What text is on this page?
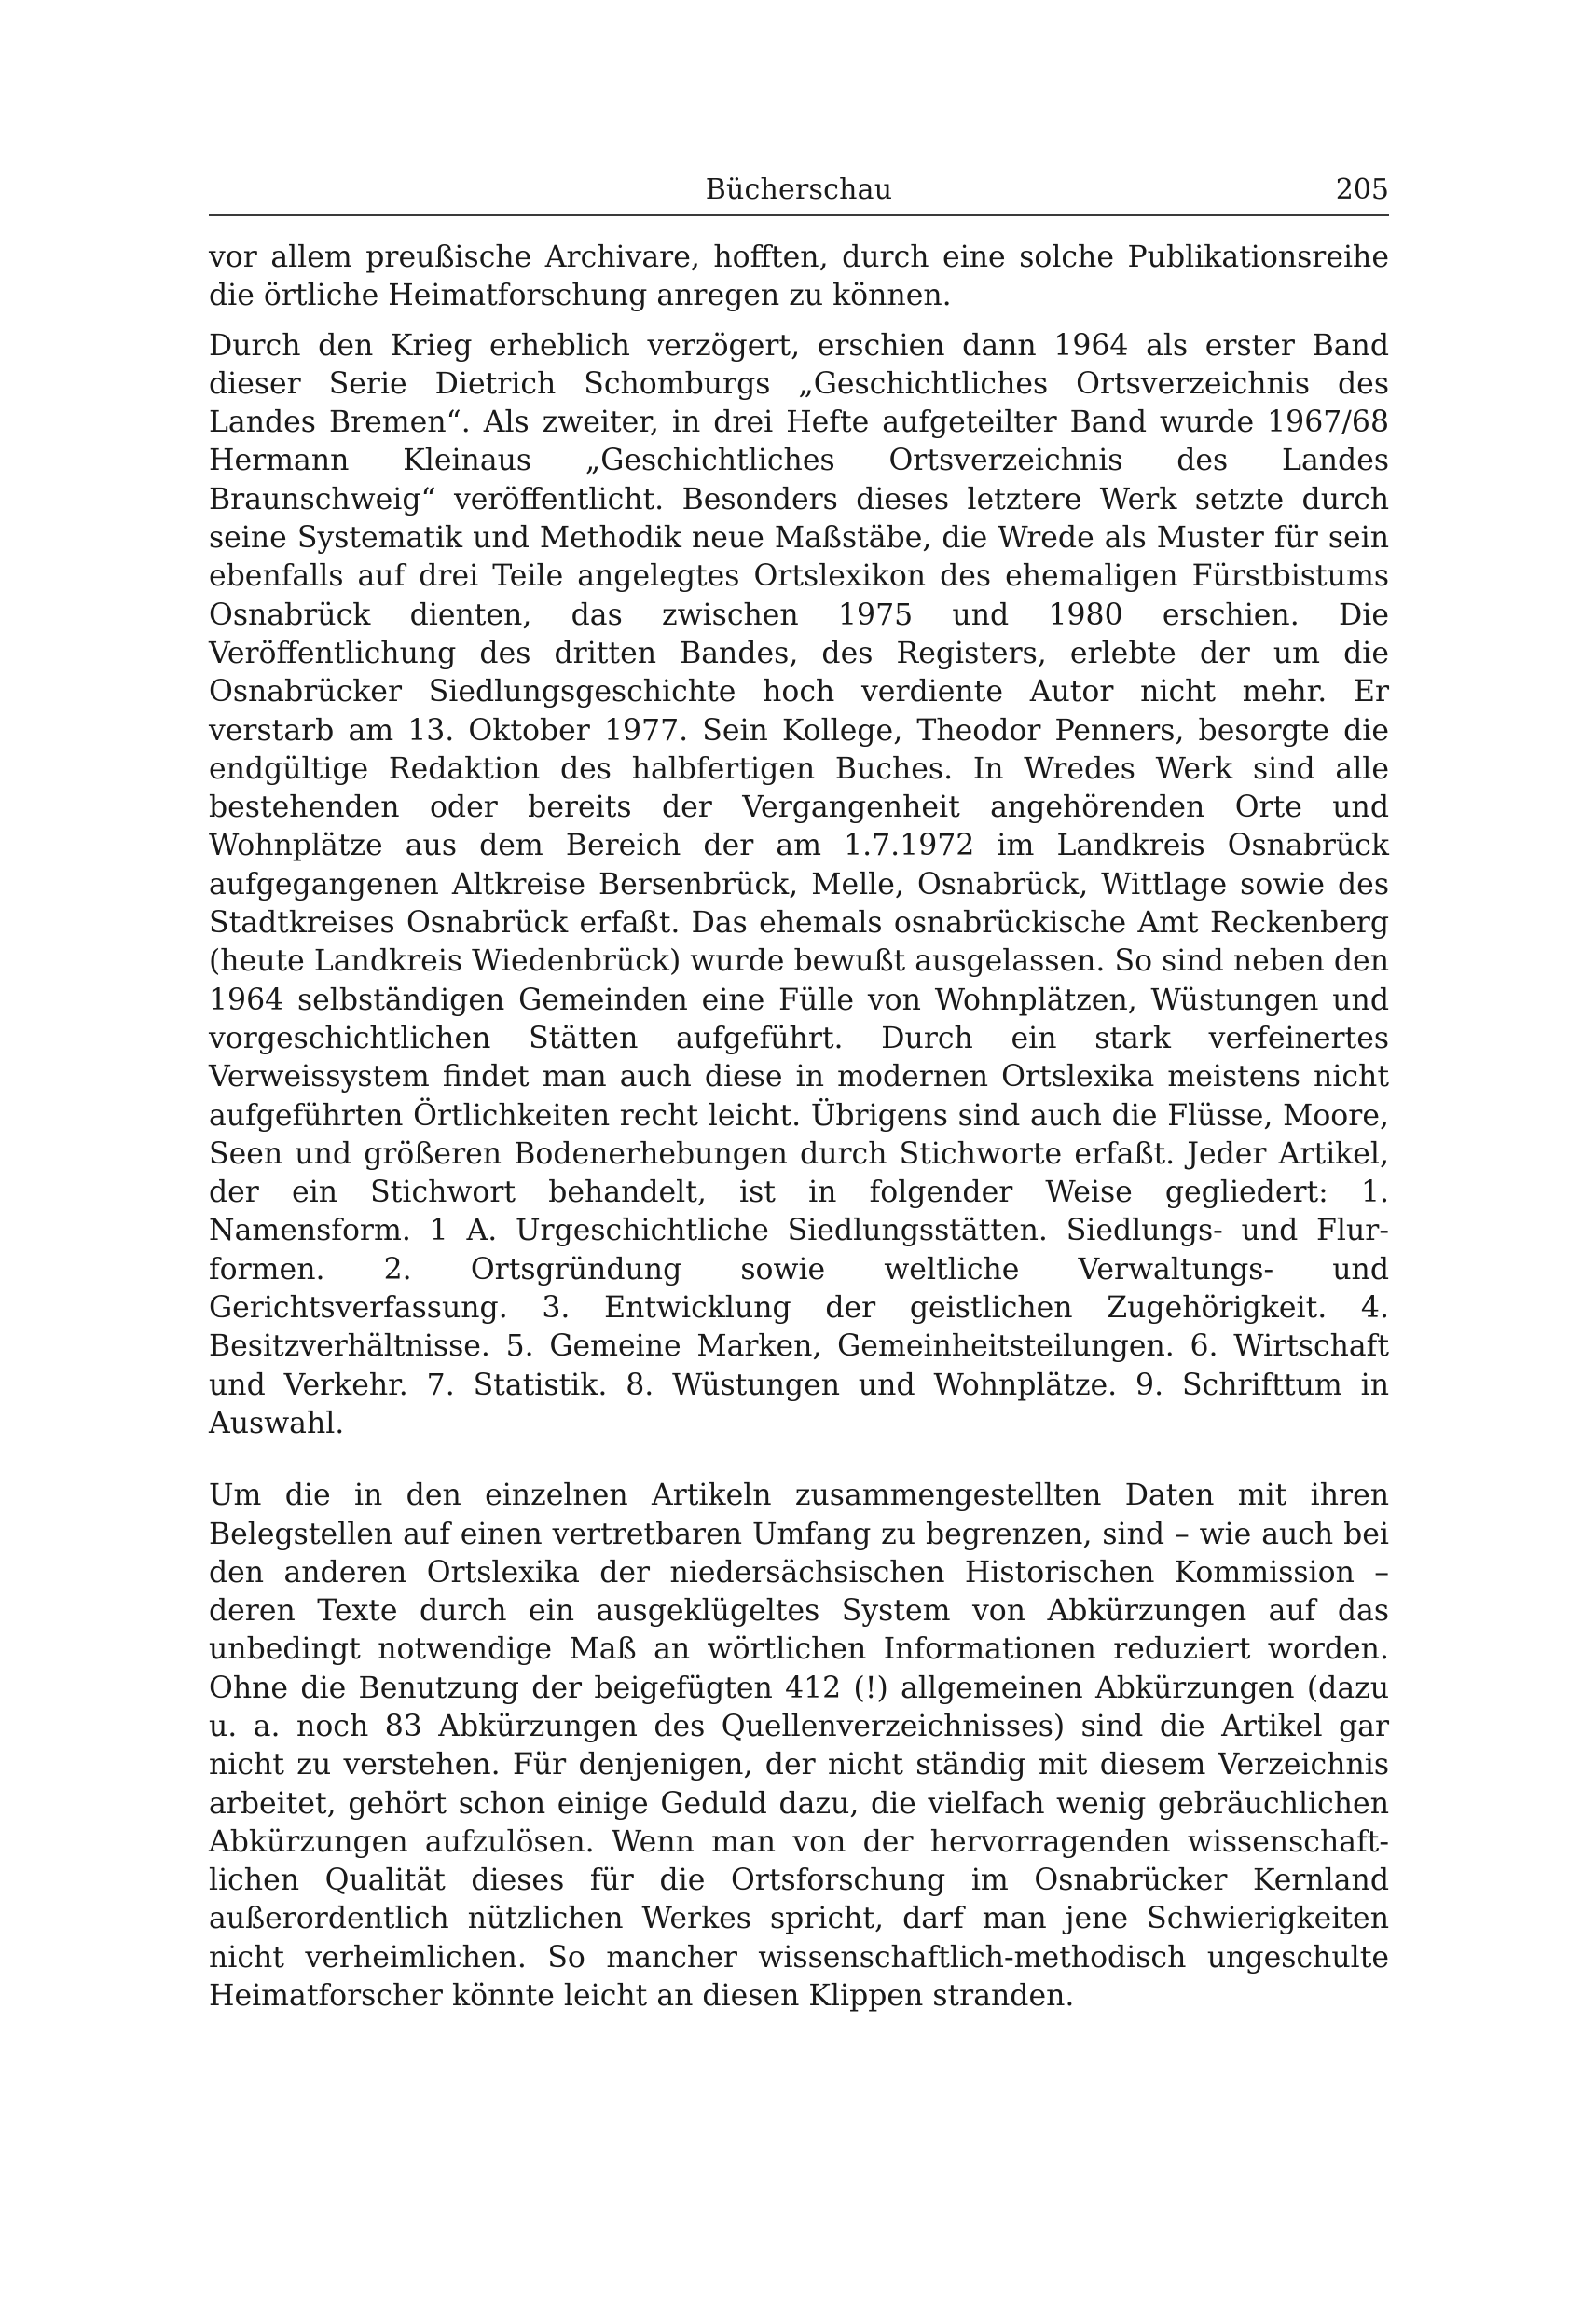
Bücherschau	205

vor allem preußische Archivare, hofften, durch eine solche Publikationsreihe die örtliche Heimatforschung anregen zu können.

Durch den Krieg erheblich verzögert, erschien dann 1964 als erster Band dieser Serie Dietrich Schomburgs „Geschichtliches Ortsverzeichnis des Landes Bremen“. Als zweiter, in drei Hefte aufgeteilter Band wurde 1967/68 Hermann Kleinaus „Geschichtliches Ortsverzeichnis des Landes Braunschweig“ veröffentlicht. Besonders dieses letztere Werk setzte durch seine Systematik und Methodik neue Maßstäbe, die Wrede als Muster für sein ebenfalls auf drei Teile angelegtes Ortslexikon des ehemaligen Fürstbistums Osnabrück dienten, das zwischen 1975 und 1980 erschien. Die Veröffentlichung des dritten Bandes, des Registers, erlebte der um die Osnabrücker Siedlungsgeschichte hoch verdiente Autor nicht mehr. Er verstarb am 13. Oktober 1977. Sein Kollege, Theodor Penners, besorgte die endgültige Redaktion des halbfertigen Buches. In Wredes Werk sind alle bestehenden oder bereits der Vergangenheit angehörenden Orte und Wohnplätze aus dem Bereich der am 1.7.1972 im Landkreis Osnabrück aufgegangenen Altkreise Bersenbrück, Melle, Osnabrück, Wittlage sowie des Stadtkreises Osnabrück erfaßt. Das ehemals osnabrückische Amt Reckenberg (heute Landkreis Wiedenbrück) wurde bewußt ausgelassen. So sind neben den 1964 selbständigen Gemeinden eine Fülle von Wohnplätzen, Wüstungen und vorgeschichtlichen Stätten aufgeführt. Durch ein stark verfeinertes Verweissystem findet man auch diese in modernen Ortslexika meistens nicht aufgeführten Örtlichkeiten recht leicht. Übrigens sind auch die Flüsse, Moore, Seen und größeren Bodenerhebungen durch Stichworte erfaßt. Jeder Artikel, der ein Stichwort behandelt, ist in folgender Weise gegliedert: 1. Namensform. 1 A. Urgeschichtliche Siedlungsstätten. Siedlungs- und Flurformen. 2. Ortsgründung sowie weltliche Verwaltungs- und Gerichtsverfassung. 3. Entwicklung der geistlichen Zugehörigkeit. 4. Besitzverhältnisse. 5. Gemeine Marken, Gemeinheitsteilungen. 6. Wirtschaft und Verkehr. 7. Statistik. 8. Wüstungen und Wohnplätze. 9. Schrifttum in Auswahl.

Um die in den einzelnen Artikeln zusammengestellten Daten mit ihren Belegstellen auf einen vertretbaren Umfang zu begrenzen, sind – wie auch bei den anderen Ortslexika der niedersächsischen Historischen Kommission – deren Texte durch ein ausgeklügeltes System von Abkürzungen auf das unbedingt notwendige Maß an wörtlichen Informationen reduziert worden. Ohne die Benutzung der beigefügten 412 (!) allgemeinen Abkürzungen (dazu u. a. noch 83 Abkürzungen des Quellenverzeichnisses) sind die Artikel gar nicht zu verstehen. Für denjenigen, der nicht ständig mit diesem Verzeichnis arbeitet, gehört schon einige Geduld dazu, die vielfach wenig gebräuchlichen Abkürzungen aufzulösen. Wenn man von der hervorragenden wissenschaftlichen Qualität dieses für die Ortsforschung im Osnabrücker Kernland außerordentlich nützlichen Werkes spricht, darf man jene Schwierigkeiten nicht verheimlichen. So mancher wissenschaftlich-methodisch ungeschulte Heimatforscher könnte leicht an diesen Klippen stranden.
